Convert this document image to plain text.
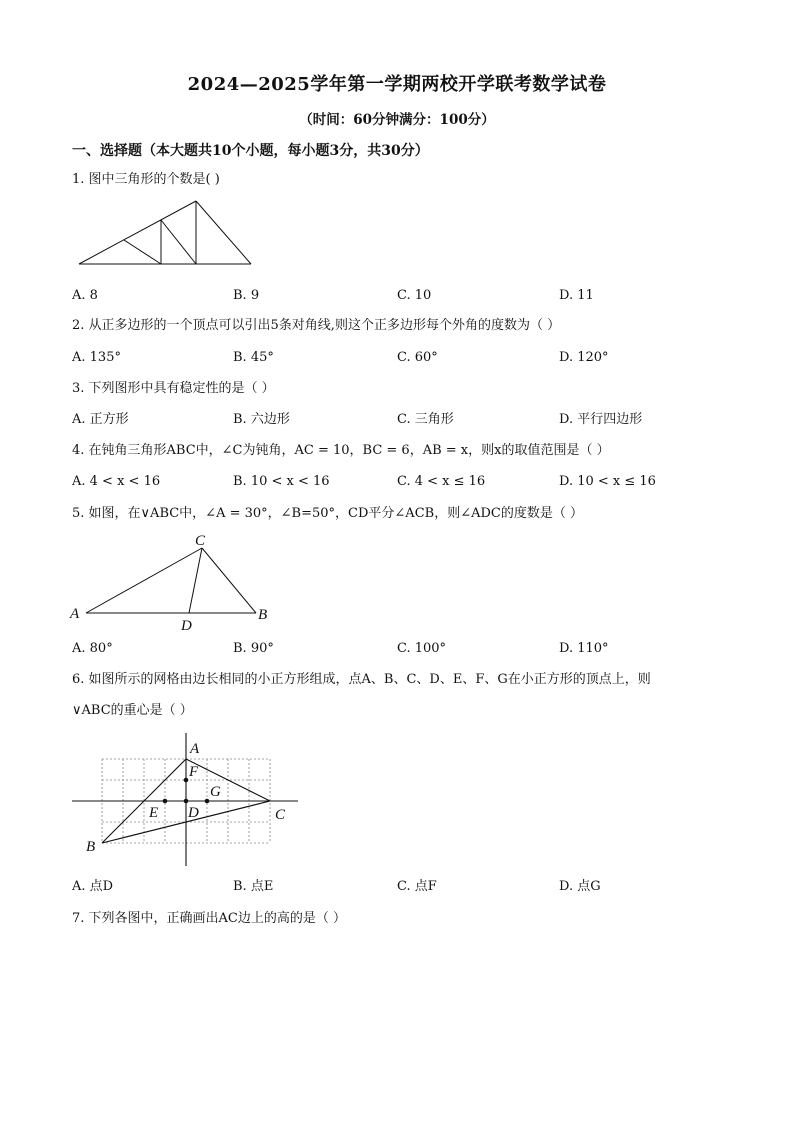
2024—2025学年第一学期两校开学联考数学试卷
（时间：60分钟满分：100分）
一、选择题（本大题共10个小题，每小题3分，共30分）
1. 图中三角形的个数是( )
A. 8	B. 9	C. 10	D. 11
2. 从正多边形的一个顶点可以引出5条对角线,则这个正多边形每个外角的度数为（ ）
A. 135°	B. 45°	C. 60°	D. 120°
3. 下列图形中具有稳定性的是（ ）
A. 正方形	B. 六边形	C. 三角形	D. 平行四边形
4. 在钝角三角形ABC中，∠C为钝角，AC = 10，BC = 6，AB = x，则x的取值范围是（ ）
A. 4 < x < 16	B. 10 < x < 16	C. 4 < x ≤ 16	D. 10 < x ≤ 16
5. 如图，在∨ABC中，∠A = 30°，∠B=50°，CD平分∠ACB，则∠ADC的度数是（ ）
C
A	B
D
A. 80°	B. 90°	C. 100°	D. 110°
6. 如图所示的网格由边长相同的小正方形组成，点A、B、C、D、E、F、G在小正方形的顶点上，则
∨ABC的重心是（ ）
A
F
G
E D	C
B
A. 点D	B. 点E	C. 点F	D. 点G
7. 下列各图中，正确画出AC边上的高的是（ ）
